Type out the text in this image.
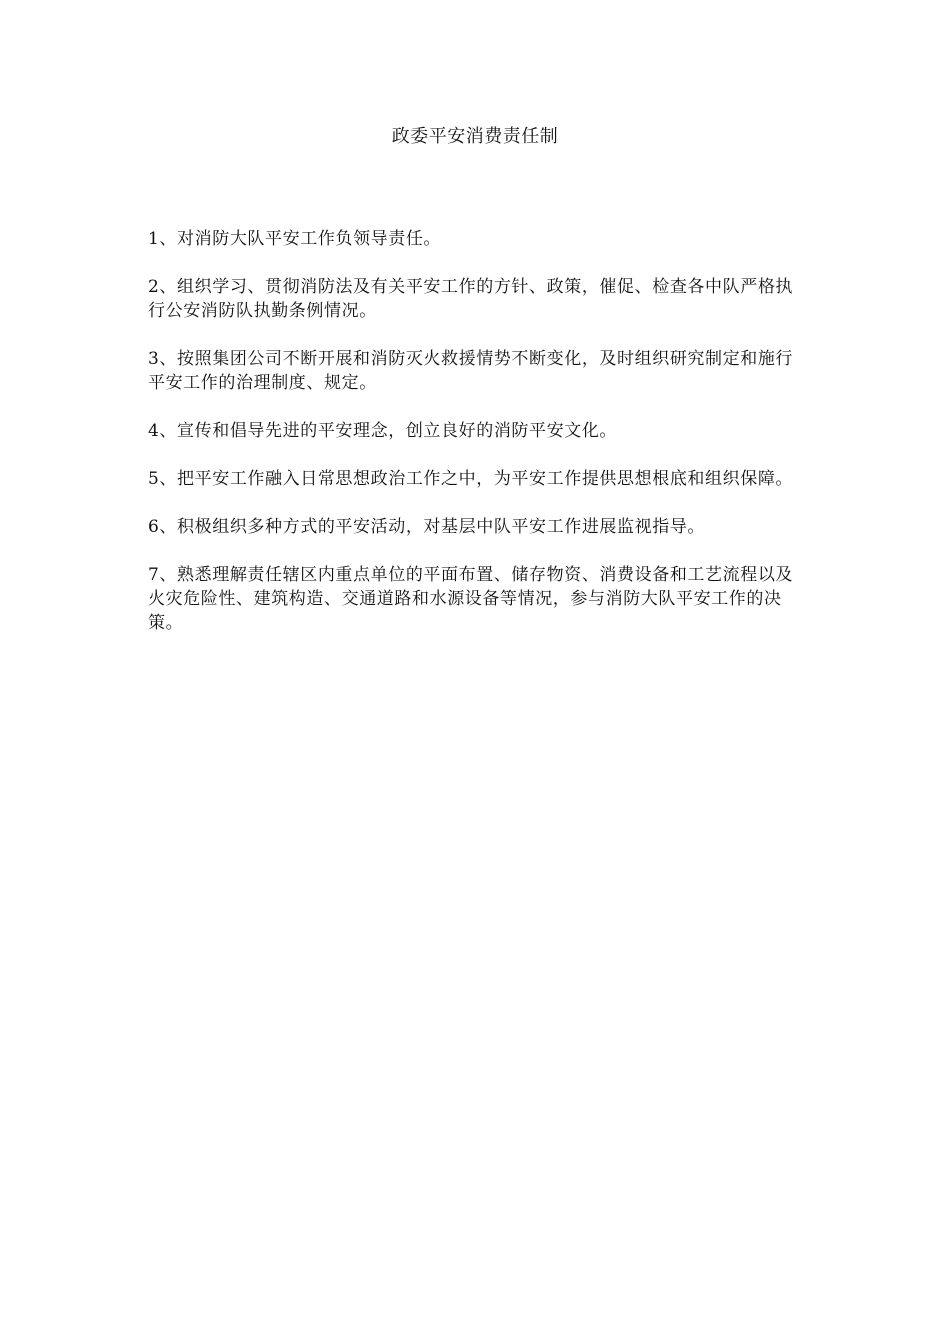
政委平安消费责任制

1、对消防大队平安工作负领导责任。

2、组织学习、贯彻消防法及有关平安工作的方针、政策，催促、检查各中队严格执行公安消防队执勤条例情况。

3、按照集团公司不断开展和消防灭火救援情势不断变化，及时组织研究制定和施行平安工作的治理制度、规定。

4、宣传和倡导先进的平安理念，创立良好的消防平安文化。

5、把平安工作融入日常思想政治工作之中，为平安工作提供思想根底和组织保障。

6、积极组织多种方式的平安活动，对基层中队平安工作进展监视指导。

7、熟悉理解责任辖区内重点单位的平面布置、储存物资、消费设备和工艺流程以及火灾危险性、建筑构造、交通道路和水源设备等情况，参与消防大队平安工作的决策。
